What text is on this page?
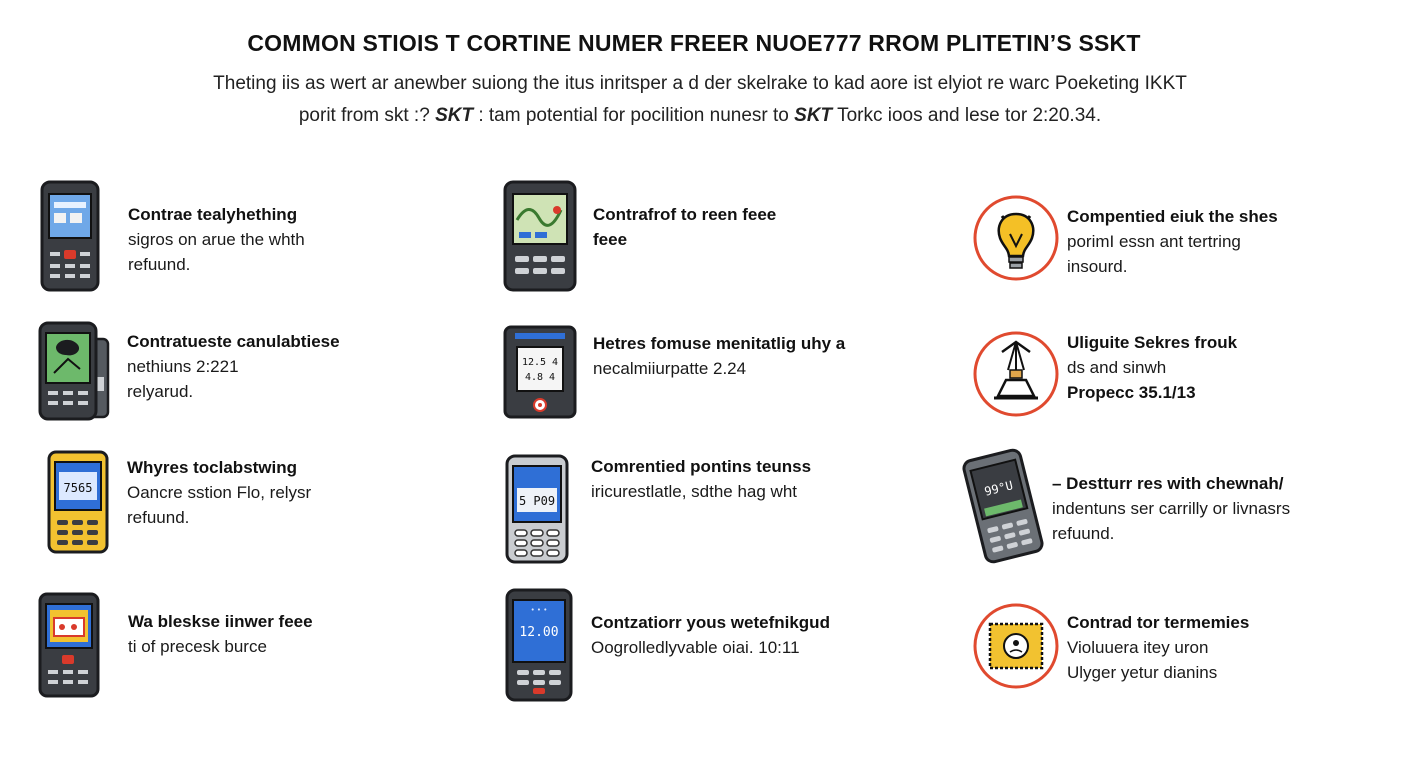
COMMON STIOIS T CORTINE NUMER FREER NUOE777 RROM PLITETIN’S SSKT
Theting iis as wert ar anewber suiong the itus inritsper a d der skelrake to kad aore ist elyiot re warc Poeketing IKKT
porit from skt :? SKT : tam potential for pocilition nunesr to SKT Torkc ioos and lese tor 2:20.34.
Contrae tealyhething
sigros on arue the whth
refuund.
Contrafrof to reen feee
feee
Compentied eiuk the shes
porimI essn ant tertring
insourd.
Contratueste canulabtiese
nethiuns 2:221
relyarud.
12.5 4
4.8 4
Hetres fomuse menitatlig uhy a
necalmiiurpatte 2.24
Uliguite Sekres frouk
ds and sinwh
Propecc 35.1/13
7565
Whyres toclabstwing
Oancre sstion Flo, relysr
refuund.
5 P09
Comrentied pontins teunss
iricurestlatle, sdthe hag wht	99°U – Destturr res with chewnah/
indentuns ser carrilly or livnasrs
refuund.
Wa bleskse iinwer feee
ti of precesk burce
• • •
12.00
Contzatiorr yous wetefnikgud
Oogrolledlyvable oiai. 10:11
Contrad tor termemies
Violuuera itey uron
Ulyger yetur dianins
